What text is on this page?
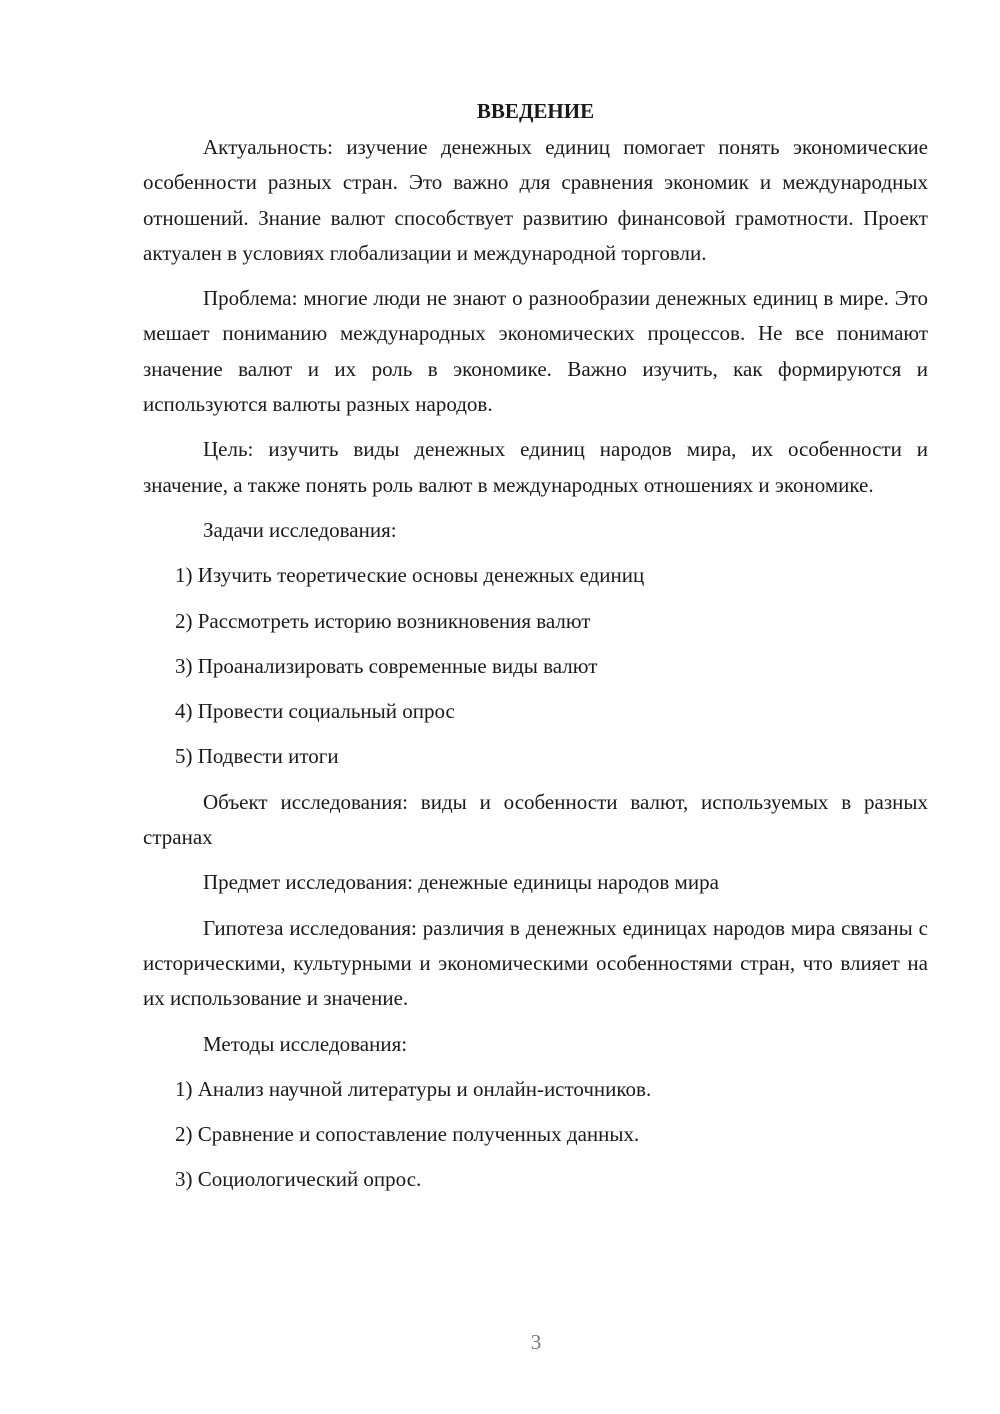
ВВЕДЕНИЕ

Актуальность: изучение денежных единиц помогает понять экономические особенности разных стран. Это важно для сравнения экономик и международных отношений. Знание валют способствует развитию финансовой грамотности. Проект актуален в условиях глобализации и международной торговли.

Проблема: многие люди не знают о разнообразии денежных единиц в мире. Это мешает пониманию международных экономических процессов. Не все понимают значение валют и их роль в экономике. Важно изучить, как формируются и используются валюты разных народов.

Цель: изучить виды денежных единиц народов мира, их особенности и значение, а также понять роль валют в международных отношениях и экономике.

Задачи исследования:

1) Изучить теоретические основы денежных единиц
2) Рассмотреть историю возникновения валют
3) Проанализировать современные виды валют
4) Провести социальный опрос
5) Подвести итоги

Объект исследования: виды и особенности валют, используемых в разных странах

Предмет исследования: денежные единицы народов мира

Гипотеза исследования: различия в денежных единицах народов мира связаны с историческими, культурными и экономическими особенностями стран, что влияет на их использование и значение.

Методы исследования:

1) Анализ научной литературы и онлайн-источников.
2) Сравнение и сопоставление полученных данных.
3) Социологический опрос.
3
